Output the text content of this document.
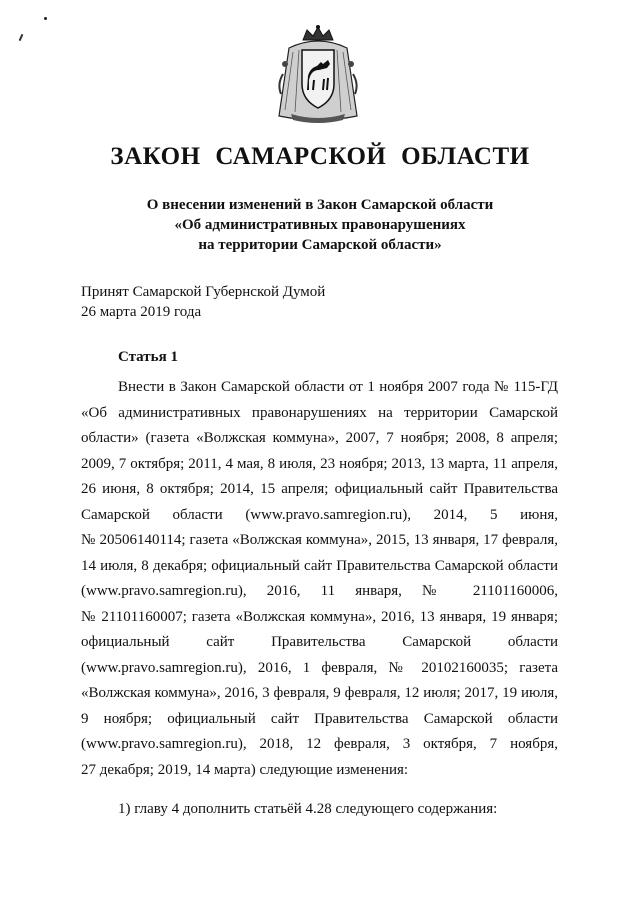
ЗАКОН САМАРСКОЙ ОБЛАСТИ
О внесении изменений в Закон Самарской области
«Об административных правонарушениях
на территории Самарской области»
Принят Самарской Губернской Думой
26 марта 2019 года
Статья 1
Внести в Закон Самарской области от 1 ноября 2007 года № 115-ГД
«Об административных правонарушениях на территории Самарской
области» (газета «Волжская коммуна», 2007, 7 ноября; 2008, 8 апреля;
2009, 7 октября; 2011, 4 мая, 8 июля, 23 ноября; 2013, 13 марта, 11 апреля,
26 июня, 8 октября; 2014, 15 апреля; официальный сайт Правительства
Самарской области (www.pravo.samregion.ru), 2014, 5 июня,
№ 20506140114; газета «Волжская коммуна», 2015, 13 января, 17 февраля,
14 июля, 8 декабря; официальный сайт Правительства Самарской области
(www.pravo.samregion.ru), 2016, 11 января, № 21101160006,
№ 21101160007; газета «Волжская коммуна», 2016, 13 января, 19 января;
официальный сайт Правительства Самарской области
(www.pravo.samregion.ru), 2016, 1 февраля, № 20102160035; газета
«Волжская коммуна», 2016, 3 февраля, 9 февраля, 12 июля; 2017, 19 июля,
9 ноября; официальный сайт Правительства Самарской области
(www.pravo.samregion.ru), 2018, 12 февраля, 3 октября, 7 ноября,
27 декабря; 2019, 14 марта) следующие изменения:
1) главу 4 дополнить статьёй 4.28 следующего содержания:
